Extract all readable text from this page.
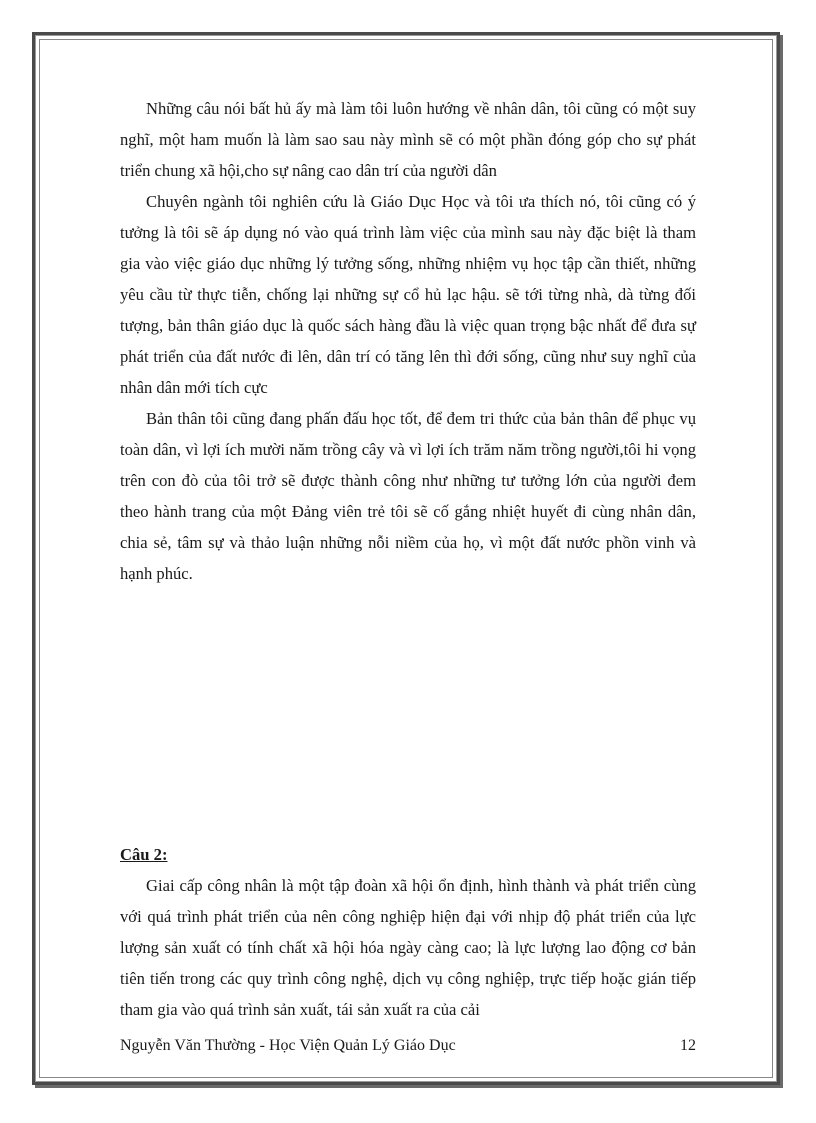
Những câu nói bất hủ ấy mà làm tôi luôn hướng về nhân dân, tôi cũng có một suy nghĩ, một ham muốn là làm sao sau này mình sẽ có một phần đóng góp cho sự phát triển chung xã hội,cho sự nâng cao dân trí của người dân

Chuyên ngành tôi nghiên cứu là Giáo Dục Học và tôi ưa thích nó, tôi cũng có ý tưởng là tôi sẽ áp dụng nó vào quá trình làm việc của mình sau này đặc biệt là tham gia vào việc giáo dục những lý tưởng sống, những nhiệm vụ học tập cần thiết, những yêu cầu từ thực tiễn, chống lại những sự cổ hủ lạc hậu. sẽ tới từng nhà, dà từng đối tượng, bản thân giáo dục là quốc sách hàng đầu là việc quan trọng bậc nhất để đưa sự phát triển của đất nước đi lên, dân trí có tăng lên thì đới sống, cũng như suy nghĩ của nhân dân mới tích cực

Bản thân tôi cũng đang phấn đấu học tốt, để đem tri thức của bản thân để phục vụ toàn dân, vì lợi ích mười năm trồng cây và vì lợi ích trăm năm trồng người,tôi hi vọng trên con đò của tôi trở sẽ được thành công như những tư tưởng lớn của người đem theo hành trang của một Đảng viên trẻ tôi sẽ cố gắng nhiệt huyết đi cùng nhân dân, chia sẻ, tâm sự và thảo luận những nỗi niềm của họ, vì một đất nước phồn vinh và hạnh phúc.

Câu 2:

Giai cấp công nhân là một tập đoàn xã hội ổn định, hình thành và phát triển cùng với quá trình phát triển của nên công nghiệp hiện đại với nhịp độ phát triển của lực lượng sản xuất có tính chất xã hội hóa ngày càng cao; là lực lượng lao động cơ bản tiên tiến trong các quy trình công nghệ, dịch vụ công nghiệp, trực tiếp hoặc gián tiếp tham gia vào quá trình sản xuất, tái sản xuất ra của cải

Nguyễn Văn Thường - Học Viện Quản Lý Giáo Dục	12
